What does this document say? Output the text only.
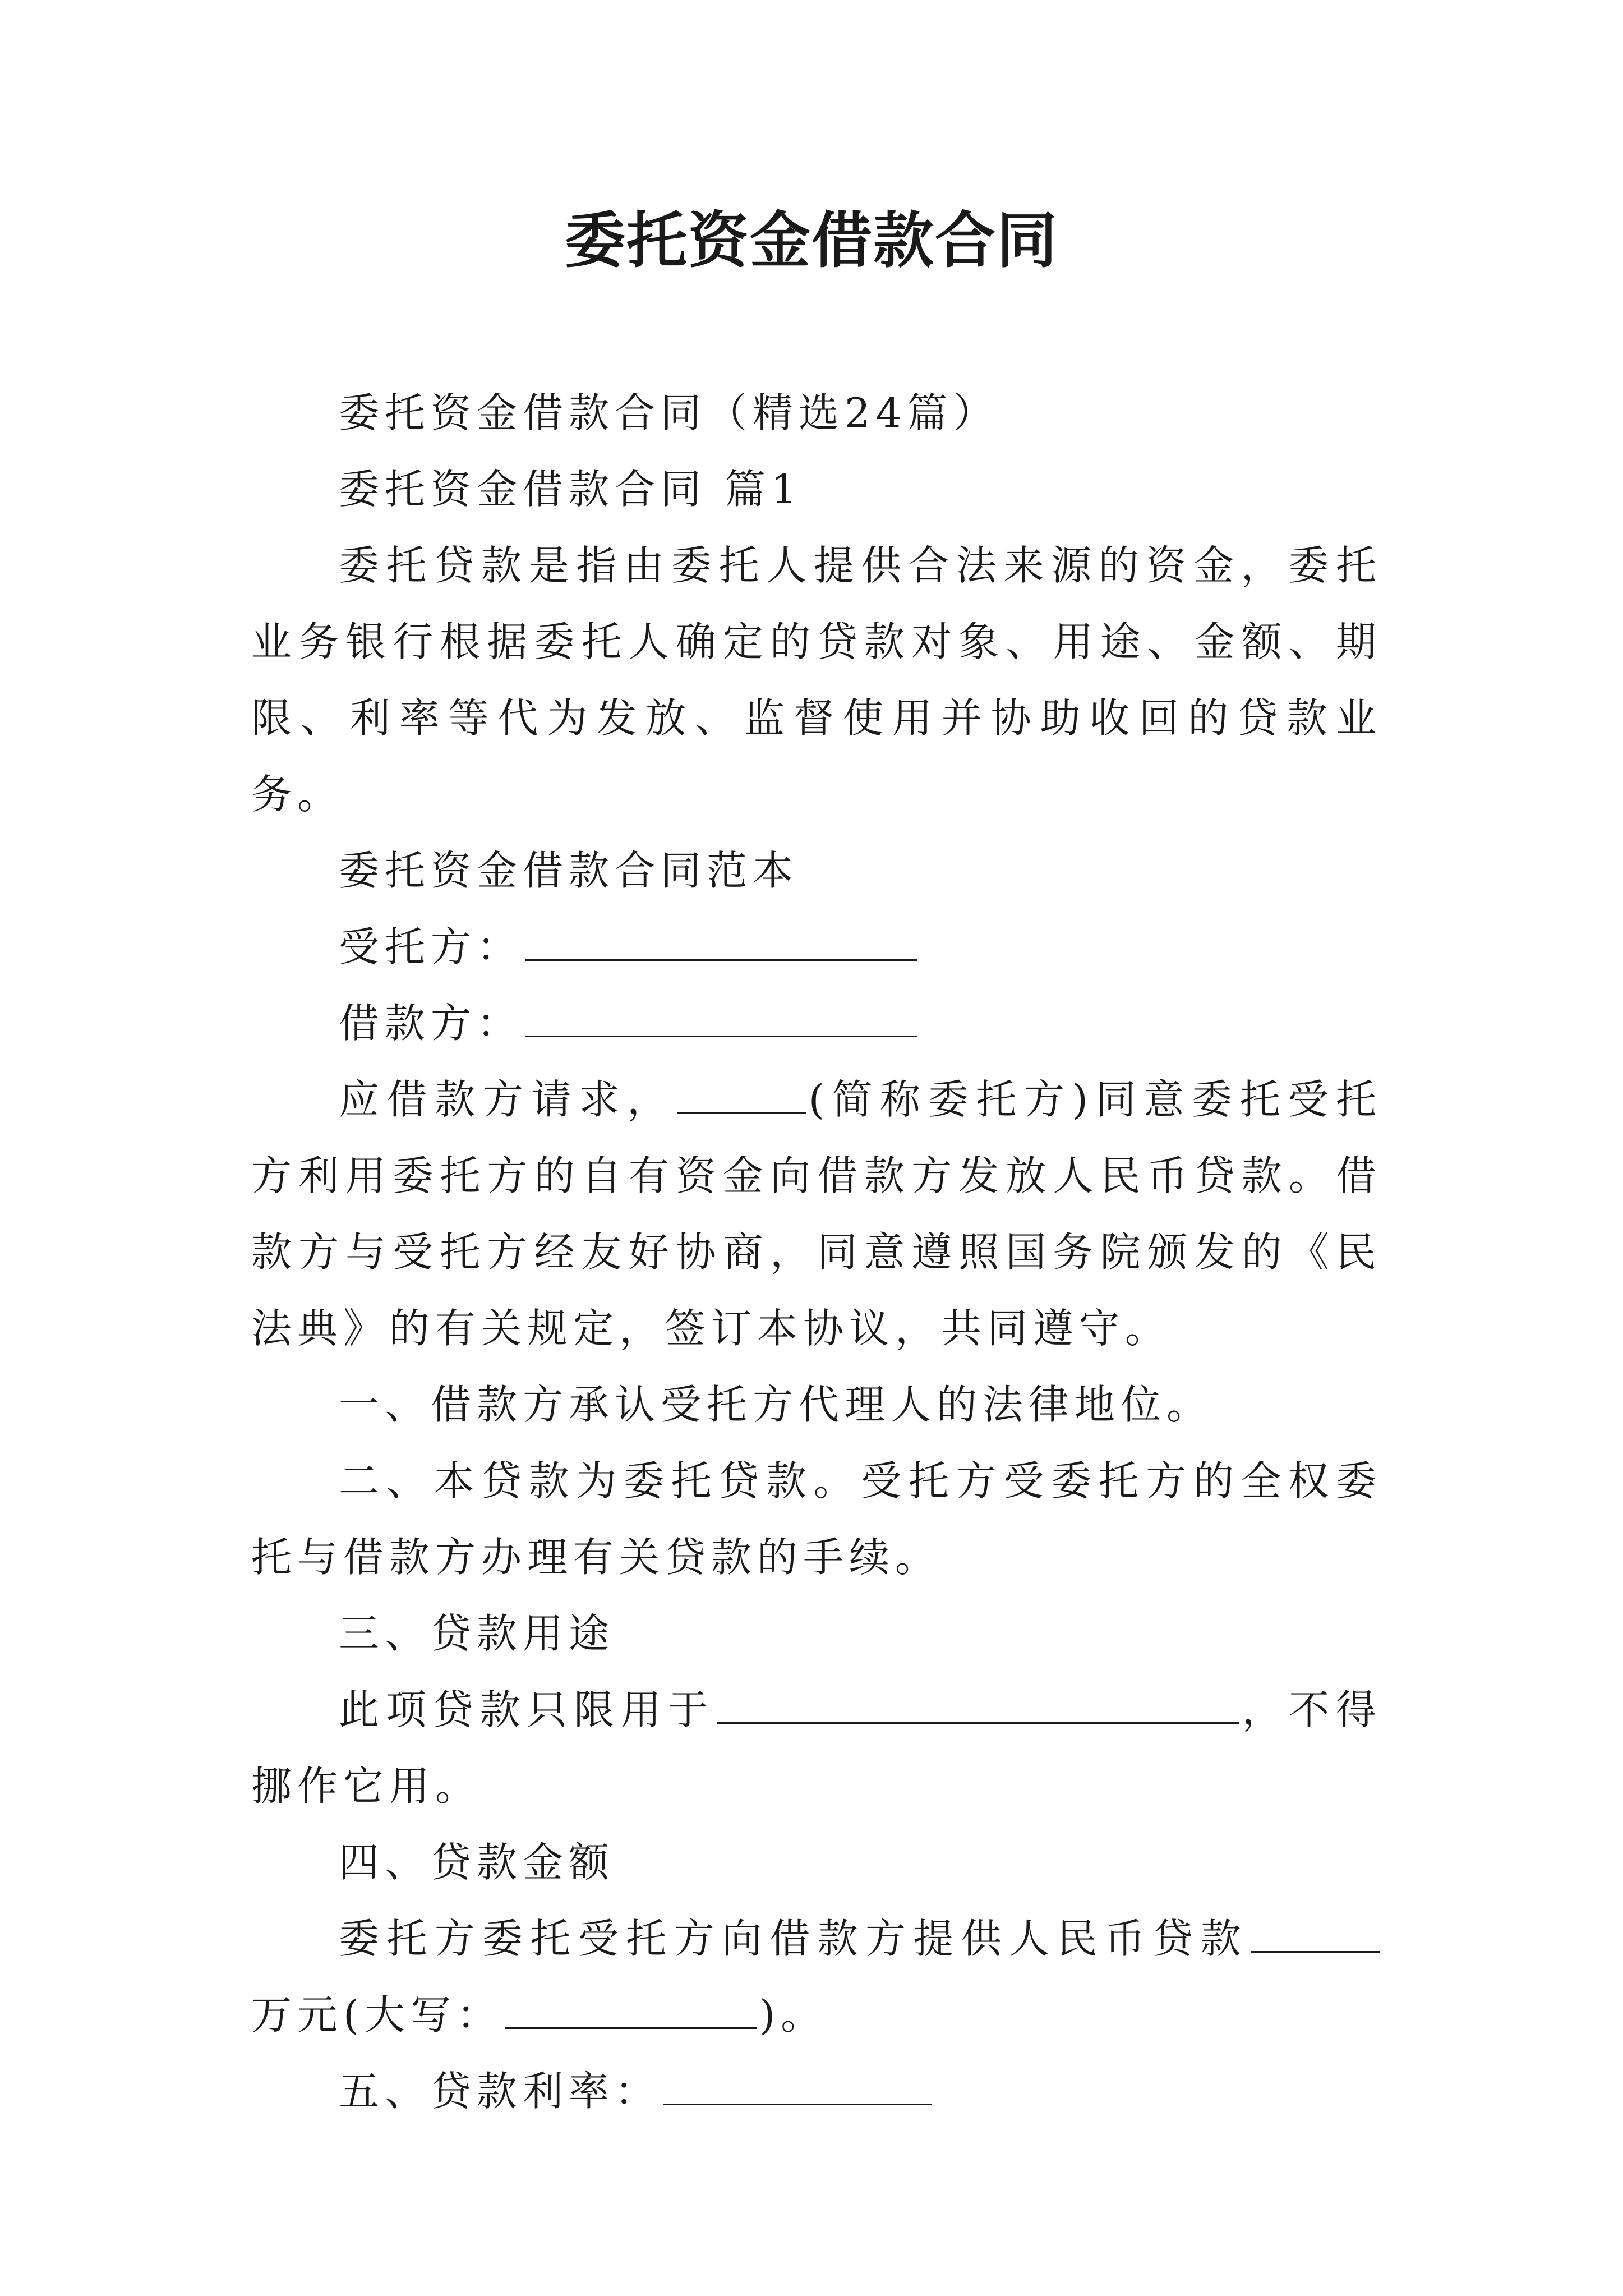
委托资金借款合同

委托资金借款合同（精选24篇）

委托资金借款合同 篇1

委托贷款是指由委托人提供合法来源的资金，委托业务银行根据委托人确定的贷款对象、用途、金额、期限、利率等代为发放、监督使用并协助收回的贷款业务。

委托资金借款合同范本

受托方：

借款方：

应借款方请求，	(简称委托方)同意委托受托方利用委托方的自有资金向借款方发放人民币贷款。借款方与受托方经友好协商，同意遵照国务院颁发的《民法典》的有关规定，签订本协议，共同遵守。

一、借款方承认受托方代理人的法律地位。

二、本贷款为委托贷款。受托方受委托方的全权委托与借款方办理有关贷款的手续。

三、贷款用途

此项贷款只限用于	，不得挪作它用。

四、贷款金额

委托方委托受托方向借款方提供人民币贷款万元(大写：	)。

五、贷款利率：
